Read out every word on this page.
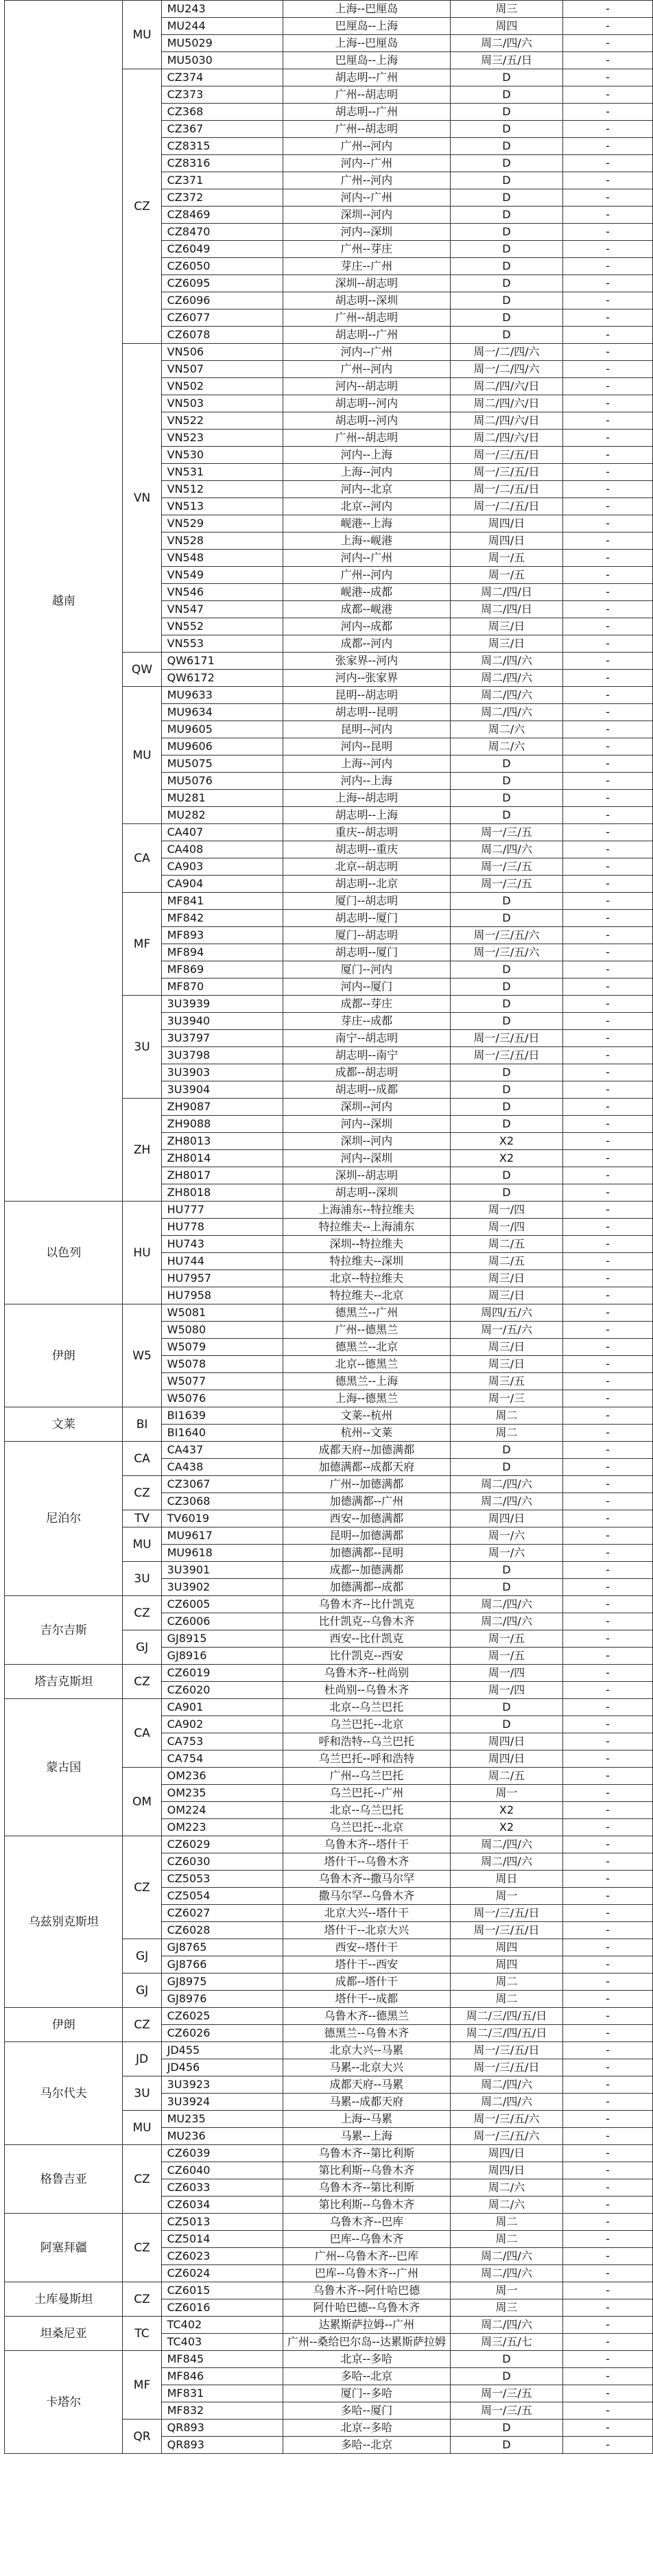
越南	MU	MU243	上海--巴厘岛	周三	-
		MU244	巴厘岛--上海	周四	-
		MU5029	上海--巴厘岛	周二/四/六	-
		MU5030	巴厘岛--上海	周三/五/日	-
	CZ	CZ374	胡志明--广州	D	-
		CZ373	广州--胡志明	D	-
		CZ368	胡志明--广州	D	-
		CZ367	广州--胡志明	D	-
		CZ8315	广州--河内	D	-
		CZ8316	河内--广州	D	-
		CZ371	广州--河内	D	-
		CZ372	河内--广州	D	-
		CZ8469	深圳--河内	D	-
		CZ8470	河内--深圳	D	-
		CZ6049	广州--芽庄	D	-
		CZ6050	芽庄--广州	D	-
		CZ6095	深圳--胡志明	D	-
		CZ6096	胡志明--深圳	D	-
		CZ6077	广州--胡志明	D	-
		CZ6078	胡志明--广州	D	-
	VN	VN506	河内--广州	周一/二/四/六	-
		VN507	广州--河内	周一/二/四/六	-
		VN502	河内--胡志明	周二/四/六/日	-
		VN503	胡志明--河内	周二/四/六/日	-
		VN522	胡志明--河内	周二/四/六/日	-
		VN523	广州--胡志明	周二/四/六/日	-
		VN530	河内--上海	周一/三/五/日	-
		VN531	上海--河内	周一/三/五/日	-
		VN512	河内--北京	周一/二/五/日	-
		VN513	北京--河内	周一/二/五/日	-
		VN529	岘港--上海	周四/日	-
		VN528	上海--岘港	周四/日	-
		VN548	河内--广州	周一/五	-
		VN549	广州--河内	周一/五	-
		VN546	岘港--成都	周二/四/日	-
		VN547	成都--岘港	周二/四/日	-
		VN552	河内--成都	周三/日	-
		VN553	成都--河内	周三/日	-
	QW	QW6171	张家界--河内	周二/四/六	-
		QW6172	河内--张家界	周二/四/六	-
	MU	MU9633	昆明--胡志明	周二/四/六	-
		MU9634	胡志明--昆明	周二/四/六	-
		MU9605	昆明--河内	周二/六	-
		MU9606	河内--昆明	周二/六	-
		MU5075	上海--河内	D	-
		MU5076	河内--上海	D	-
		MU281	上海--胡志明	D	-
		MU282	胡志明--上海	D	-
	CA	CA407	重庆--胡志明	周一/三/五	-
		CA408	胡志明--重庆	周二/四/六	-
		CA903	北京--胡志明	周一/三/五	-
		CA904	胡志明--北京	周一/三/五	-
	MF	MF841	厦门--胡志明	D	-
		MF842	胡志明--厦门	D	-
		MF893	厦门--胡志明	周一/三/五/六	-
		MF894	胡志明--厦门	周一/三/五/六	-
		MF869	厦门--河内	D	-
		MF870	河内--厦门	D	-
	3U	3U3939	成都--芽庄	D	-
		3U3940	芽庄--成都	D	-
		3U3797	南宁--胡志明	周一/三/五/日	-
		3U3798	胡志明--南宁	周一/三/五/日	-
		3U3903	成都--胡志明	D	-
		3U3904	胡志明--成都	D	-
	ZH	ZH9087	深圳--河内	D	-
		ZH9088	河内--深圳	D	-
		ZH8013	深圳--河内	X2	-
		ZH8014	河内--深圳	X2	-
		ZH8017	深圳--胡志明	D	-
		ZH8018	胡志明--深圳	D	-
以色列	HU	HU777	上海浦东--特拉维夫	周一/四	-
		HU778	特拉维夫--上海浦东	周一/四	-
		HU743	深圳--特拉维夫	周二/五	-
		HU744	特拉维夫--深圳	周二/五	-
		HU7957	北京--特拉维夫	周三/日	-
		HU7958	特拉维夫--北京	周三/日	-
伊朗	W5	W5081	德黑兰--广州	周四/五/六	-
		W5080	广州--德黑兰	周一/五/六	-
		W5079	德黑兰--北京	周三/日	-
		W5078	北京--德黑兰	周三/日	-
		W5077	德黑兰--上海	周三/五	-
		W5076	上海--德黑兰	周一/三	-
文莱	BI	BI1639	文莱--杭州	周二	-
		BI1640	杭州--文莱	周二	-
尼泊尔	CA	CA437	成都天府--加德满都	D	-
		CA438	加德满都--成都天府	D	-
	CZ	CZ3067	广州--加德满都	周二/四/六	-
		CZ3068	加德满都--广州	周二/四/六	-
	TV	TV6019	西安--加德满都	周四/日	-
	MU	MU9617	昆明--加德满都	周一/六	-
		MU9618	加德满都--昆明	周一/六	-
	3U	3U3901	成都--加德满都	D	-
		3U3902	加德满都--成都	D	-
吉尔吉斯	CZ	CZ6005	乌鲁木齐--比什凯克	周二/四/六	-
		CZ6006	比什凯克--乌鲁木齐	周二/四/六	-
	GJ	GJ8915	西安--比什凯克	周一/五	-
		GJ8916	比什凯克--西安	周一/五	-
塔吉克斯坦	CZ	CZ6019	乌鲁木齐--杜尚别	周一/四	-
		CZ6020	杜尚别--乌鲁木齐	周一/四	-
蒙古国	CA	CA901	北京--乌兰巴托	D	-
		CA902	乌兰巴托--北京	D	-
		CA753	呼和浩特--乌兰巴托	周四/日	-
		CA754	乌兰巴托--呼和浩特	周四/日	-
	OM	OM236	广州--乌兰巴托	周二/五	-
		OM235	乌兰巴托--广州	周一	-
		OM224	北京--乌兰巴托	X2	-
		OM223	乌兰巴托--北京	X2	-
乌兹别克斯坦	CZ	CZ6029	乌鲁木齐--塔什干	周二/四/六	-
		CZ6030	塔什干--乌鲁木齐	周二/四/六	-
		CZ5053	乌鲁木齐--撒马尔罕	周日	-
		CZ5054	撒马尔罕--乌鲁木齐	周一	-
		CZ6027	北京大兴--塔什干	周一/三/五/日	-
		CZ6028	塔什干--北京大兴	周一/三/五/日	-
	GJ	GJ8765	西安--塔什干	周四	-
		GJ8766	塔什干--西安	周四	-
	GJ	GJ8975	成都--塔什干	周二	-
		GJ8976	塔什干--成都	周二	-
伊朗	CZ	CZ6025	乌鲁木齐--德黑兰	周二/三/四/五/日	-
		CZ6026	德黑兰--乌鲁木齐	周二/三/四/五/日	-
马尔代夫	JD	JD455	北京大兴--马累	周一/三/五/日	-
		JD456	马累--北京大兴	周一/三/五/日	-
	3U	3U3923	成都天府--马累	周二/四/六	-
		3U3924	马累--成都天府	周二/四/六	-
	MU	MU235	上海--马累	周一/三/五/六	-
		MU236	马累--上海	周一/三/五/六	-
格鲁吉亚	CZ	CZ6039	乌鲁木齐--第比利斯	周四/日	-
		CZ6040	第比利斯--乌鲁木齐	周四/日	-
		CZ6033	乌鲁木齐--第比利斯	周二/六	-
		CZ6034	第比利斯--乌鲁木齐	周二/六	-
阿塞拜疆	CZ	CZ5013	乌鲁木齐--巴库	周二	-
		CZ5014	巴库--乌鲁木齐	周二	-
		CZ6023	广州--乌鲁木齐--巴库	周二/四/六	-
		CZ6024	巴库--乌鲁木齐--广州	周二/四/六	-
土库曼斯坦	CZ	CZ6015	乌鲁木齐--阿什哈巴德	周一	-
		CZ6016	阿什哈巴德--乌鲁木齐	周三	-
坦桑尼亚	TC	TC402	达累斯萨拉姆--广州	周二/四/六	-
		TC403	广州--桑给巴尔岛--达累斯萨拉姆	周三/五/七	-
卡塔尔	MF	MF845	北京--多哈	D	-
		MF846	多哈--北京	D	-
		MF831	厦门--多哈	周一/三/五	-
		MF832	多哈--厦门	周一/三/五	-
	QR	QR893	北京--多哈	D	-
		QR893	多哈--北京	D	-
